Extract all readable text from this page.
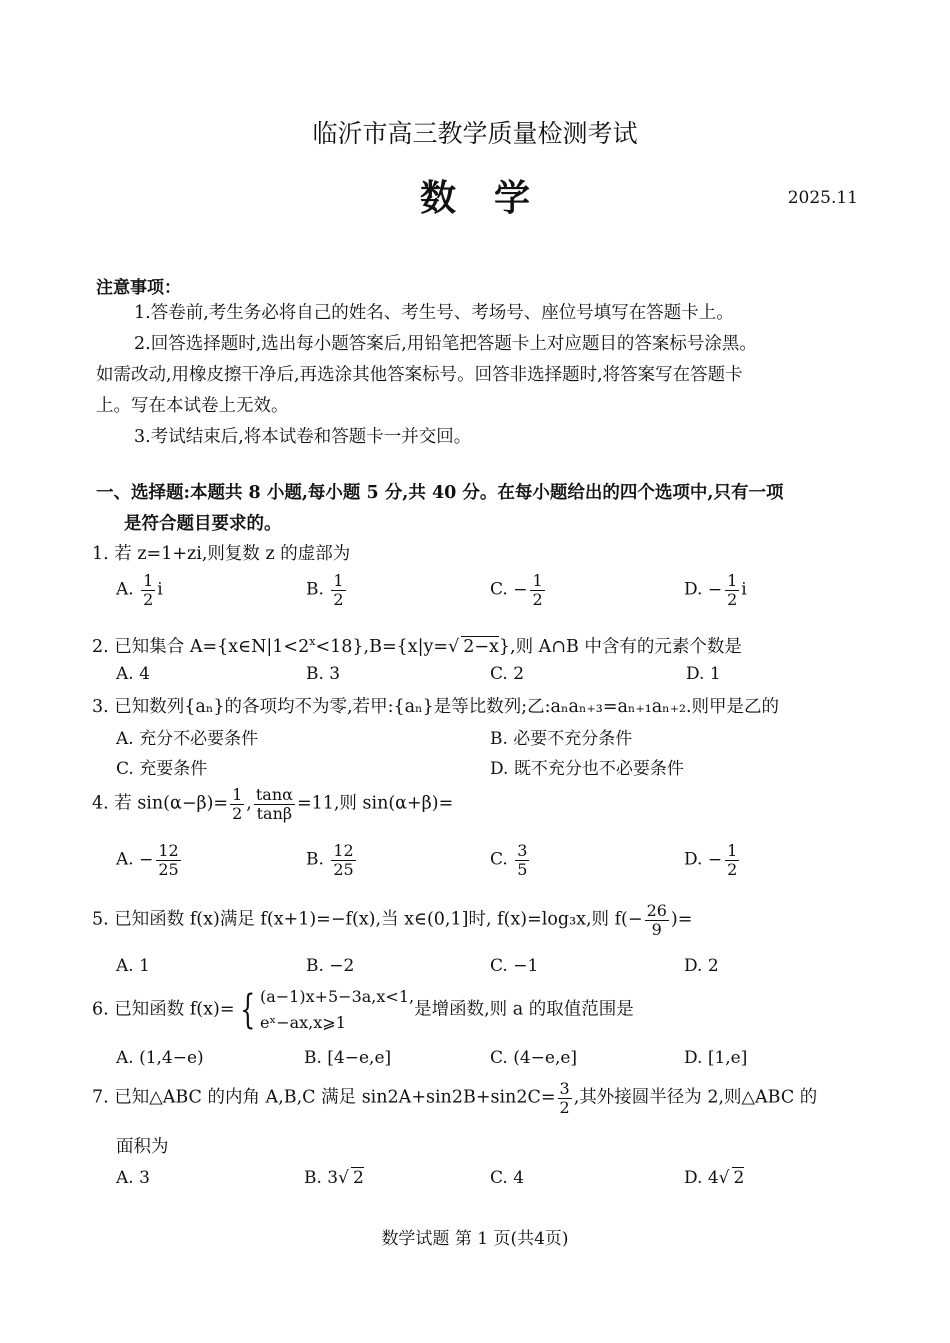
临沂市高三教学质量检测考试
数学	2025.11
注意事项：
1.答卷前,考生务必将自己的姓名、考生号、考场号、座位号填写在答题卡上。
2.回答选择题时,选出每小题答案后,用铅笔把答题卡上对应题目的答案标号涂黑。
如需改动,用橡皮擦干净后,再选涂其他答案标号。回答非选择题时,将答案写在答题卡
上。写在本试卷上无效。
3.考试结束后,将本试卷和答题卡一并交回。
一、选择题:本题共 8 小题,每小题 5 分,共 40 分。在每小题给出的四个选项中,只有一项
是符合题目要求的。
1. 若 z=1+zi,则复数 z 的虚部为
A. $\frac{1}{2}$ i	B. $\frac{1}{2}$	C. − $\frac{1}{2}$	D. − $\frac{1}{2}$ i
2. 已知集合 $A=\{x\in N|1<2^x<18\},B=\{x|y=√$ 2−x},则 A∩B 中含有的元素个数是
A. 4	B. 3	C. 2	D. 1
3. 已知数列{aₙ}的各项均不为零,若甲:{aₙ}是等比数列;乙:aₙaₙ₊₃=aₙ₊₁aₙ₊₂.则甲是乙的
A. 充分不必要条件	B. 必要不充分条件
C. 充要条件	D. 既不充分也不必要条件
4. 若 $\sin(\alpha-\beta)= \frac{1}{2}$ , $\frac{\tan\alpha}{\tan\beta} =11$,则 sin(α+β)=
A. − $\frac{12}{25}$	B. $\frac{12}{25}$	C. $\frac{3}{5}$	D. − $\frac{1}{2}$
5. 已知函数 f(x)满足 f(x+1)=−f(x),当 x∈(0,1]时, f(x)=log₃x,则 $f(- \frac{26}{9}$ )=
A. 1	B. −2	C. −1	D. 2
6. 已知函数 f(x)= { (a−1)x+5−3a,x<1,
eˣ−ax,x⩾1
是增函数,则 a 的取值范围是
A. (1,4−e)	B. [4−e,e]	C. (4−e,e]	D. [1,e]
7. 已知△ABC 的内角 A,B,C 满足 $\sin 2A+\sin 2B+\sin 2C= \frac{3}{2}$ ,其外接圆半径为 2,则△ABC 的
面积为
A. 3	B. 3√ 2	C. 4	D. 4√ 2
数学试题 第 1 页(共4页)
